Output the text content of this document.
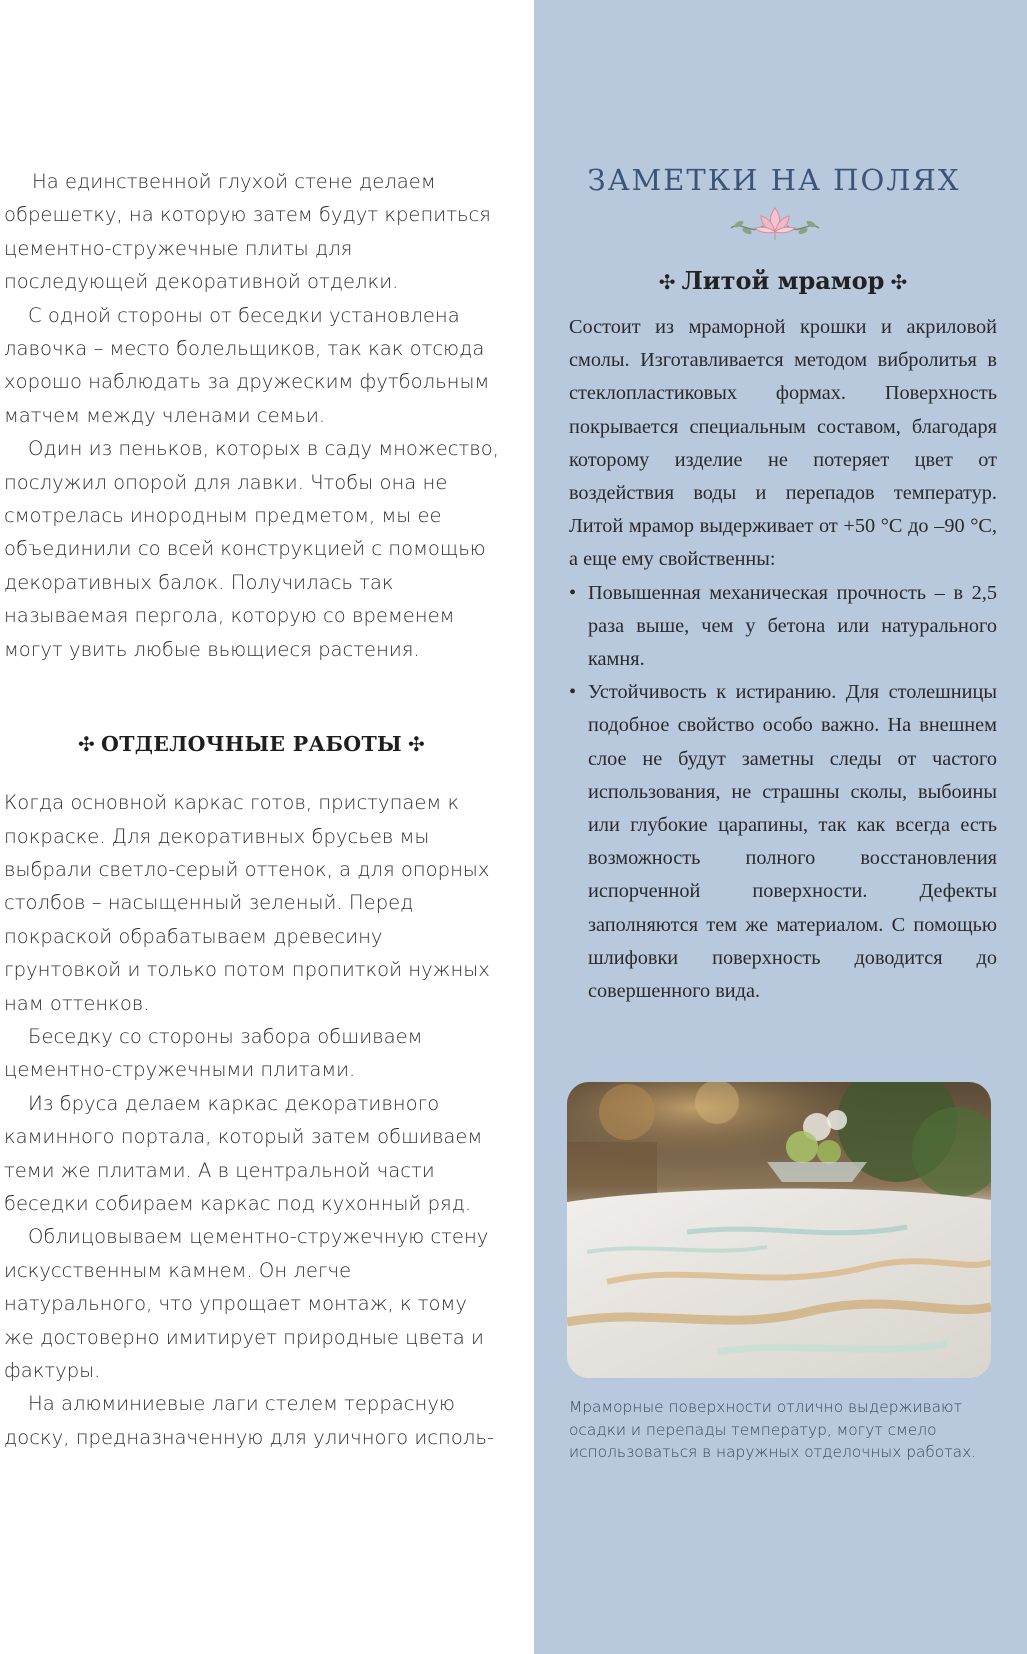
На единственной глухой стене делаем обрешетку, на которую затем будут крепиться цементно-стружечные плиты для последующей декоративной отделки.

С одной стороны от беседки установлена лавочка – место болельщиков, так как отсюда хорошо наблюдать за дружеским футбольным матчем между членами семьи.

Один из пеньков, которых в саду множество, послужил опорой для лавки. Чтобы она не смотрелась инородным предметом, мы ее объединили со всей конструкцией с помощью декоративных балок. Получилась так называемая пергола, которую со временем могут увить любые вьющиеся растения.

✣ ОТДЕЛОЧНЫЕ РАБОТЫ ✣

Когда основной каркас готов, приступаем к покраске. Для декоративных брусьев мы выбрали светло-серый оттенок, а для опорных столбов – насыщенный зеленый. Перед покраской обрабатываем древесину грунтовкой и только потом пропиткой нужных нам оттенков.

Беседку со стороны забора обшиваем цементно-стружечными плитами.

Из бруса делаем каркас декоративного каминного портала, который затем обшиваем теми же плитами. А в центральной части беседки собираем каркас под кухонный ряд.

Облицовываем цементно-стружечную стену искусственным камнем. Он легче натурального, что упрощает монтаж, к тому же достоверно имитирует природные цвета и фактуры.

На алюминиевые лаги стелем террасную доску, предназначенную для уличного исполь-

ЗАМЕТКИ НА ПОЛЯХ
✣ Литой мрамор ✣

Состоит из мраморной крошки и акриловой смолы. Изготавливается методом вибролитья в стеклопластиковых формах. Поверхность покрывается специальным составом, благодаря которому изделие не потеряет цвет от воздействия воды и перепадов температур. Литой мрамор выдерживает от +50 °С до –90 °С, а еще ему свойственны:

• Повышенная механическая прочность – в 2,5 раза выше, чем у бетона или натурального камня.
• Устойчивость к истиранию. Для столешницы подобное свойство особо важно. На внешнем слое не будут заметны следы от частого использования, не страшны сколы, выбоины или глубокие царапины, так как всегда есть возможность полного восстановления испорченной поверхности. Дефекты заполняются тем же материалом. С помощью шлифовки поверхность доводится до совершенного вида.
Мраморные поверхности отлично выдерживают осадки и перепады температур, могут смело использоваться в наружных отделочных работах.
